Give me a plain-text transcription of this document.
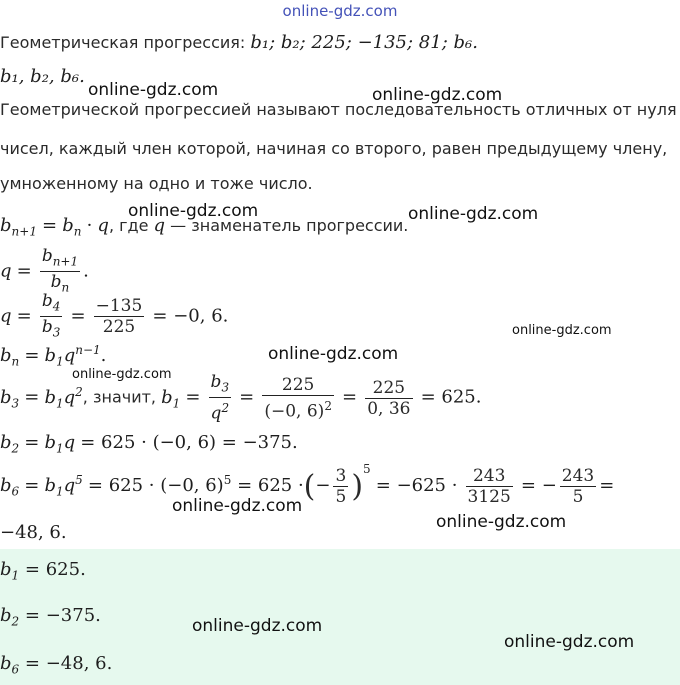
online-gdz.com
Геометрическая прогрессия: b₁; b₂; 225; −135; 81; b₆.
b₁, b₂, b₆.
Геометрической прогрессией называют последовательность отличных от нуля
чисел, каждый член которой, начиная со второго, равен предыдущему члену,
умноженному на одно и тоже число.
$b_{n+1} = b_n \cdot q$, где q — знаменатель прогрессии.
$q = \frac{b_{n+1}}{b_n}$ .
$q = \frac{b_4}{b_3} = \frac{-135}{225} = -0$, 6.
$b_n = b_1q^{n-1}$.
$b_3 = b_1q^2$, значит, $b_1 = \frac{b_3}{q^2} = \frac{225}{(-0, 6)^2} = \frac{225}{0, 36} = 625$.
$b_2 = b_1q = 625 \cdot (-0$, 6) = −375.
$b_6 = b_1q^5 = 625 \cdot (-0$, 6)$^5$ = 625 ·(− $\frac{3}{5} )^5 = -625 \cdot \frac{243}{3125}$ = − $\frac{243}{5}$ =
−48, 6.
$b_1 = 625$.
$b_2 = -375$.
$b_6 = -48$, 6.
online-gdz.com	online-gdz.com
online-gdz.com	online-gdz.com
online-gdz.com
online-gdz.com
online-gdz.com
online-gdz.com
online-gdz.com
online-gdz.com
online-gdz.com
